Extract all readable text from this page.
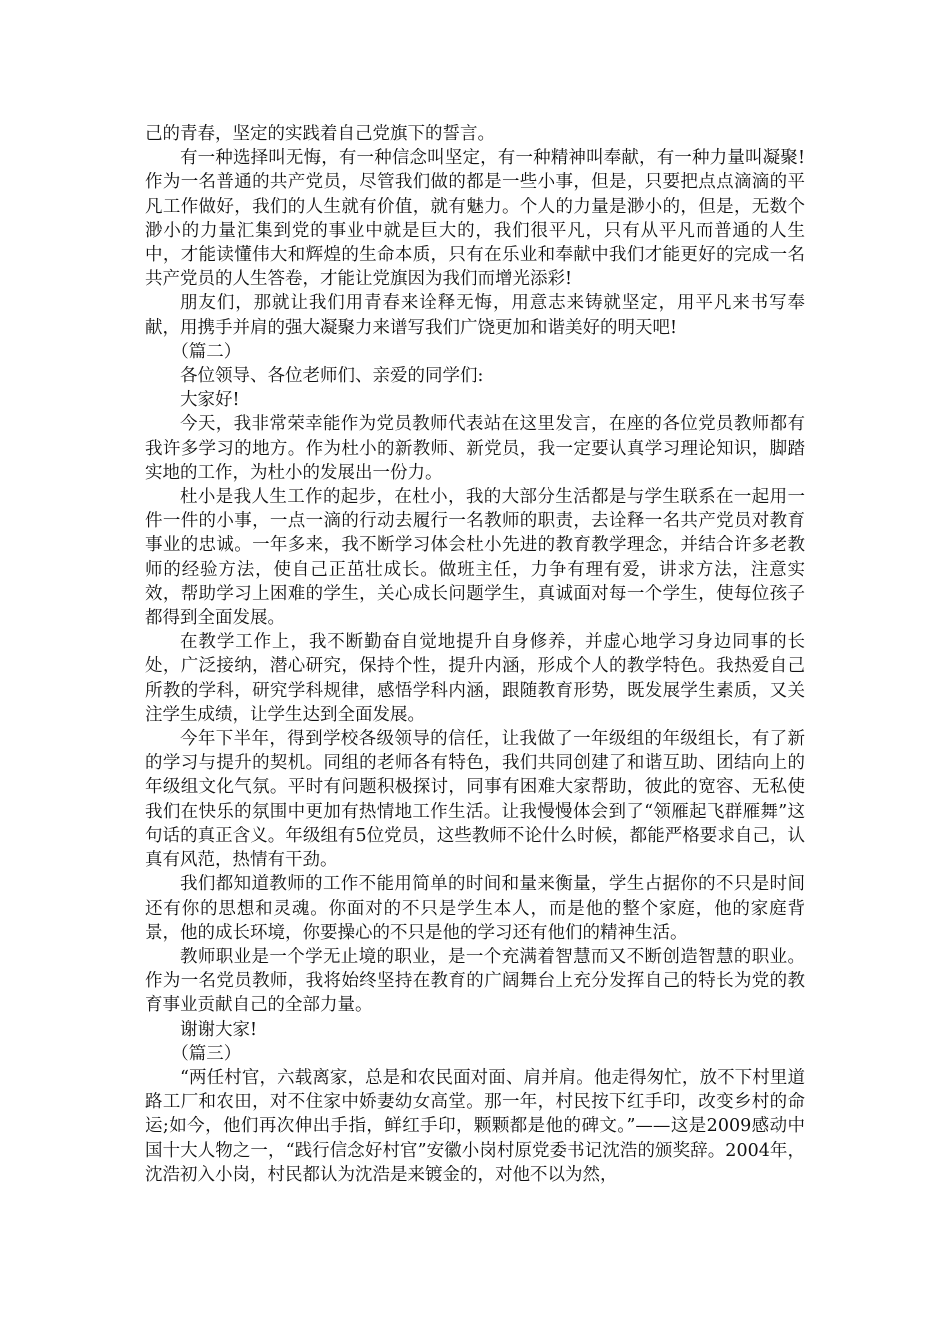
己的青春，坚定的实践着自己党旗下的誓言。

有一种选择叫无悔，有一种信念叫坚定，有一种精神叫奉献，有一种力量叫凝聚!作为一名普通的共产党员，尽管我们做的都是一些小事，但是，只要把点点滴滴的平凡工作做好，我们的人生就有价值，就有魅力。个人的力量是渺小的，但是，无数个渺小的力量汇集到党的事业中就是巨大的，我们很平凡，只有从平凡而普通的人生中，才能读懂伟大和辉煌的生命本质，只有在乐业和奉献中我们才能更好的完成一名共产党员的人生答卷，才能让党旗因为我们而增光添彩!

朋友们，那就让我们用青春来诠释无悔，用意志来铸就坚定，用平凡来书写奉献，用携手并肩的强大凝聚力来谱写我们广饶更加和谐美好的明天吧!

（篇二）

各位领导、各位老师们、亲爱的同学们:

大家好!

今天，我非常荣幸能作为党员教师代表站在这里发言，在座的各位党员教师都有我许多学习的地方。作为杜小的新教师、新党员，我一定要认真学习理论知识，脚踏实地的工作，为杜小的发展出一份力。

杜小是我人生工作的起步，在杜小，我的大部分生活都是与学生联系在一起用一件一件的小事，一点一滴的行动去履行一名教师的职责，去诠释一名共产党员对教育事业的忠诚。一年多来，我不断学习体会杜小先进的教育教学理念，并结合许多老教师的经验方法，使自己正茁壮成长。做班主任，力争有理有爱，讲求方法，注意实效，帮助学习上困难的学生，关心成长问题学生，真诚面对每一个学生，使每位孩子都得到全面发展。

在教学工作上，我不断勤奋自觉地提升自身修养，并虚心地学习身边同事的长处，广泛接纳，潜心研究，保持个性，提升内涵，形成个人的教学特色。我热爱自己所教的学科，研究学科规律，感悟学科内涵，跟随教育形势，既发展学生素质，又关注学生成绩，让学生达到全面发展。

今年下半年，得到学校各级领导的信任，让我做了一年级组的年级组长，有了新的学习与提升的契机。同组的老师各有特色，我们共同创建了和谐互助、团结向上的年级组文化气氛。平时有问题积极探讨，同事有困难大家帮助，彼此的宽容、无私使我们在快乐的氛围中更加有热情地工作生活。让我慢慢体会到了“领雁起飞群雁舞”这句话的真正含义。年级组有5位党员，这些教师不论什么时候，都能严格要求自己，认真有风范，热情有干劲。

我们都知道教师的工作不能用简单的时间和量来衡量，学生占据你的不只是时间还有你的思想和灵魂。你面对的不只是学生本人，而是他的整个家庭，他的家庭背景，他的成长环境，你要操心的不只是他的学习还有他们的精神生活。

教师职业是一个学无止境的职业，是一个充满着智慧而又不断创造智慧的职业。作为一名党员教师，我将始终坚持在教育的广阔舞台上充分发挥自己的特长为党的教育事业贡献自己的全部力量。

谢谢大家!

（篇三）

“两任村官，六载离家，总是和农民面对面、肩并肩。他走得匆忙，放不下村里道路工厂和农田，对不住家中娇妻幼女高堂。那一年，村民按下红手印，改变乡村的命运;如今，他们再次伸出手指，鲜红手印，颗颗都是他的碑文。”——这是2009感动中国十大人物之一，“践行信念好村官”安徽小岗村原党委书记沈浩的颁奖辞。2004年，沈浩初入小岗，村民都认为沈浩是来镀金的，对他不以为然，
